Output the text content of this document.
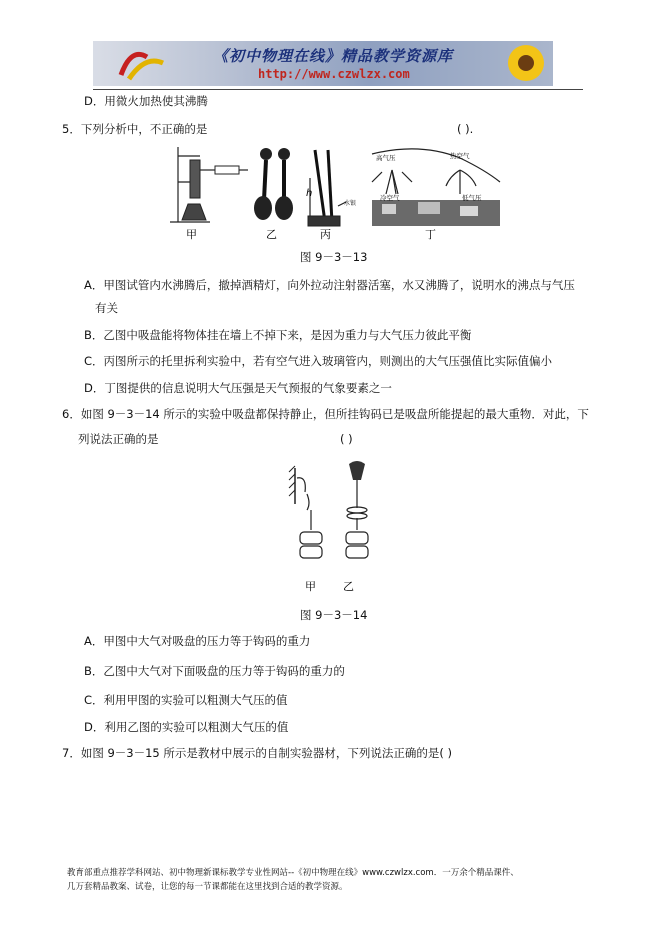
《初中物理在线》精品教学资源库
http://www.czwlzx.com
D．用微火加热使其沸腾
5．下列分析中，不正确的是	( ).
甲	乙
h
水银
丙
高气压	热空气
冷空气	低气压
丁
图 9－3－13
A．甲图试管内水沸腾后，撤掉酒精灯，向外拉动注射器活塞，水又沸腾了，说明水的沸点与气压
有关
B．乙图中吸盘能将物体挂在墙上不掉下来，是因为重力与大气压力彼此平衡
C．丙图所示的托里拆利实验中，若有空气进入玻璃管内，则测出的大气压强值比实际值偏小
D．丁图提供的信息说明大气压强是天气预报的气象要素之一
6．如图 9－3－14 所示的实验中吸盘都保持静止，但所挂钩码已是吸盘所能提起的最大重物．对此，下
列说法正确的是	( )
甲 乙
图 9－3－14
A．甲图中大气对吸盘的压力等于钩码的重力
B．乙图中大气对下面吸盘的压力等于钩码的重力的
C．利用甲图的实验可以粗测大气压的值
D．利用乙图的实验可以粗测大气压的值
7．如图 9－3－15 所示是教材中展示的自制实验器材，下列说法正确的是( )
教育部重点推荐学科网站、初中物理新课标教学专业性网站--《初中物理在线》www.czwlzx.com．一万余个精品课件、
几万套精品教案、试卷，让您的每一节课都能在这里找到合适的教学资源。
